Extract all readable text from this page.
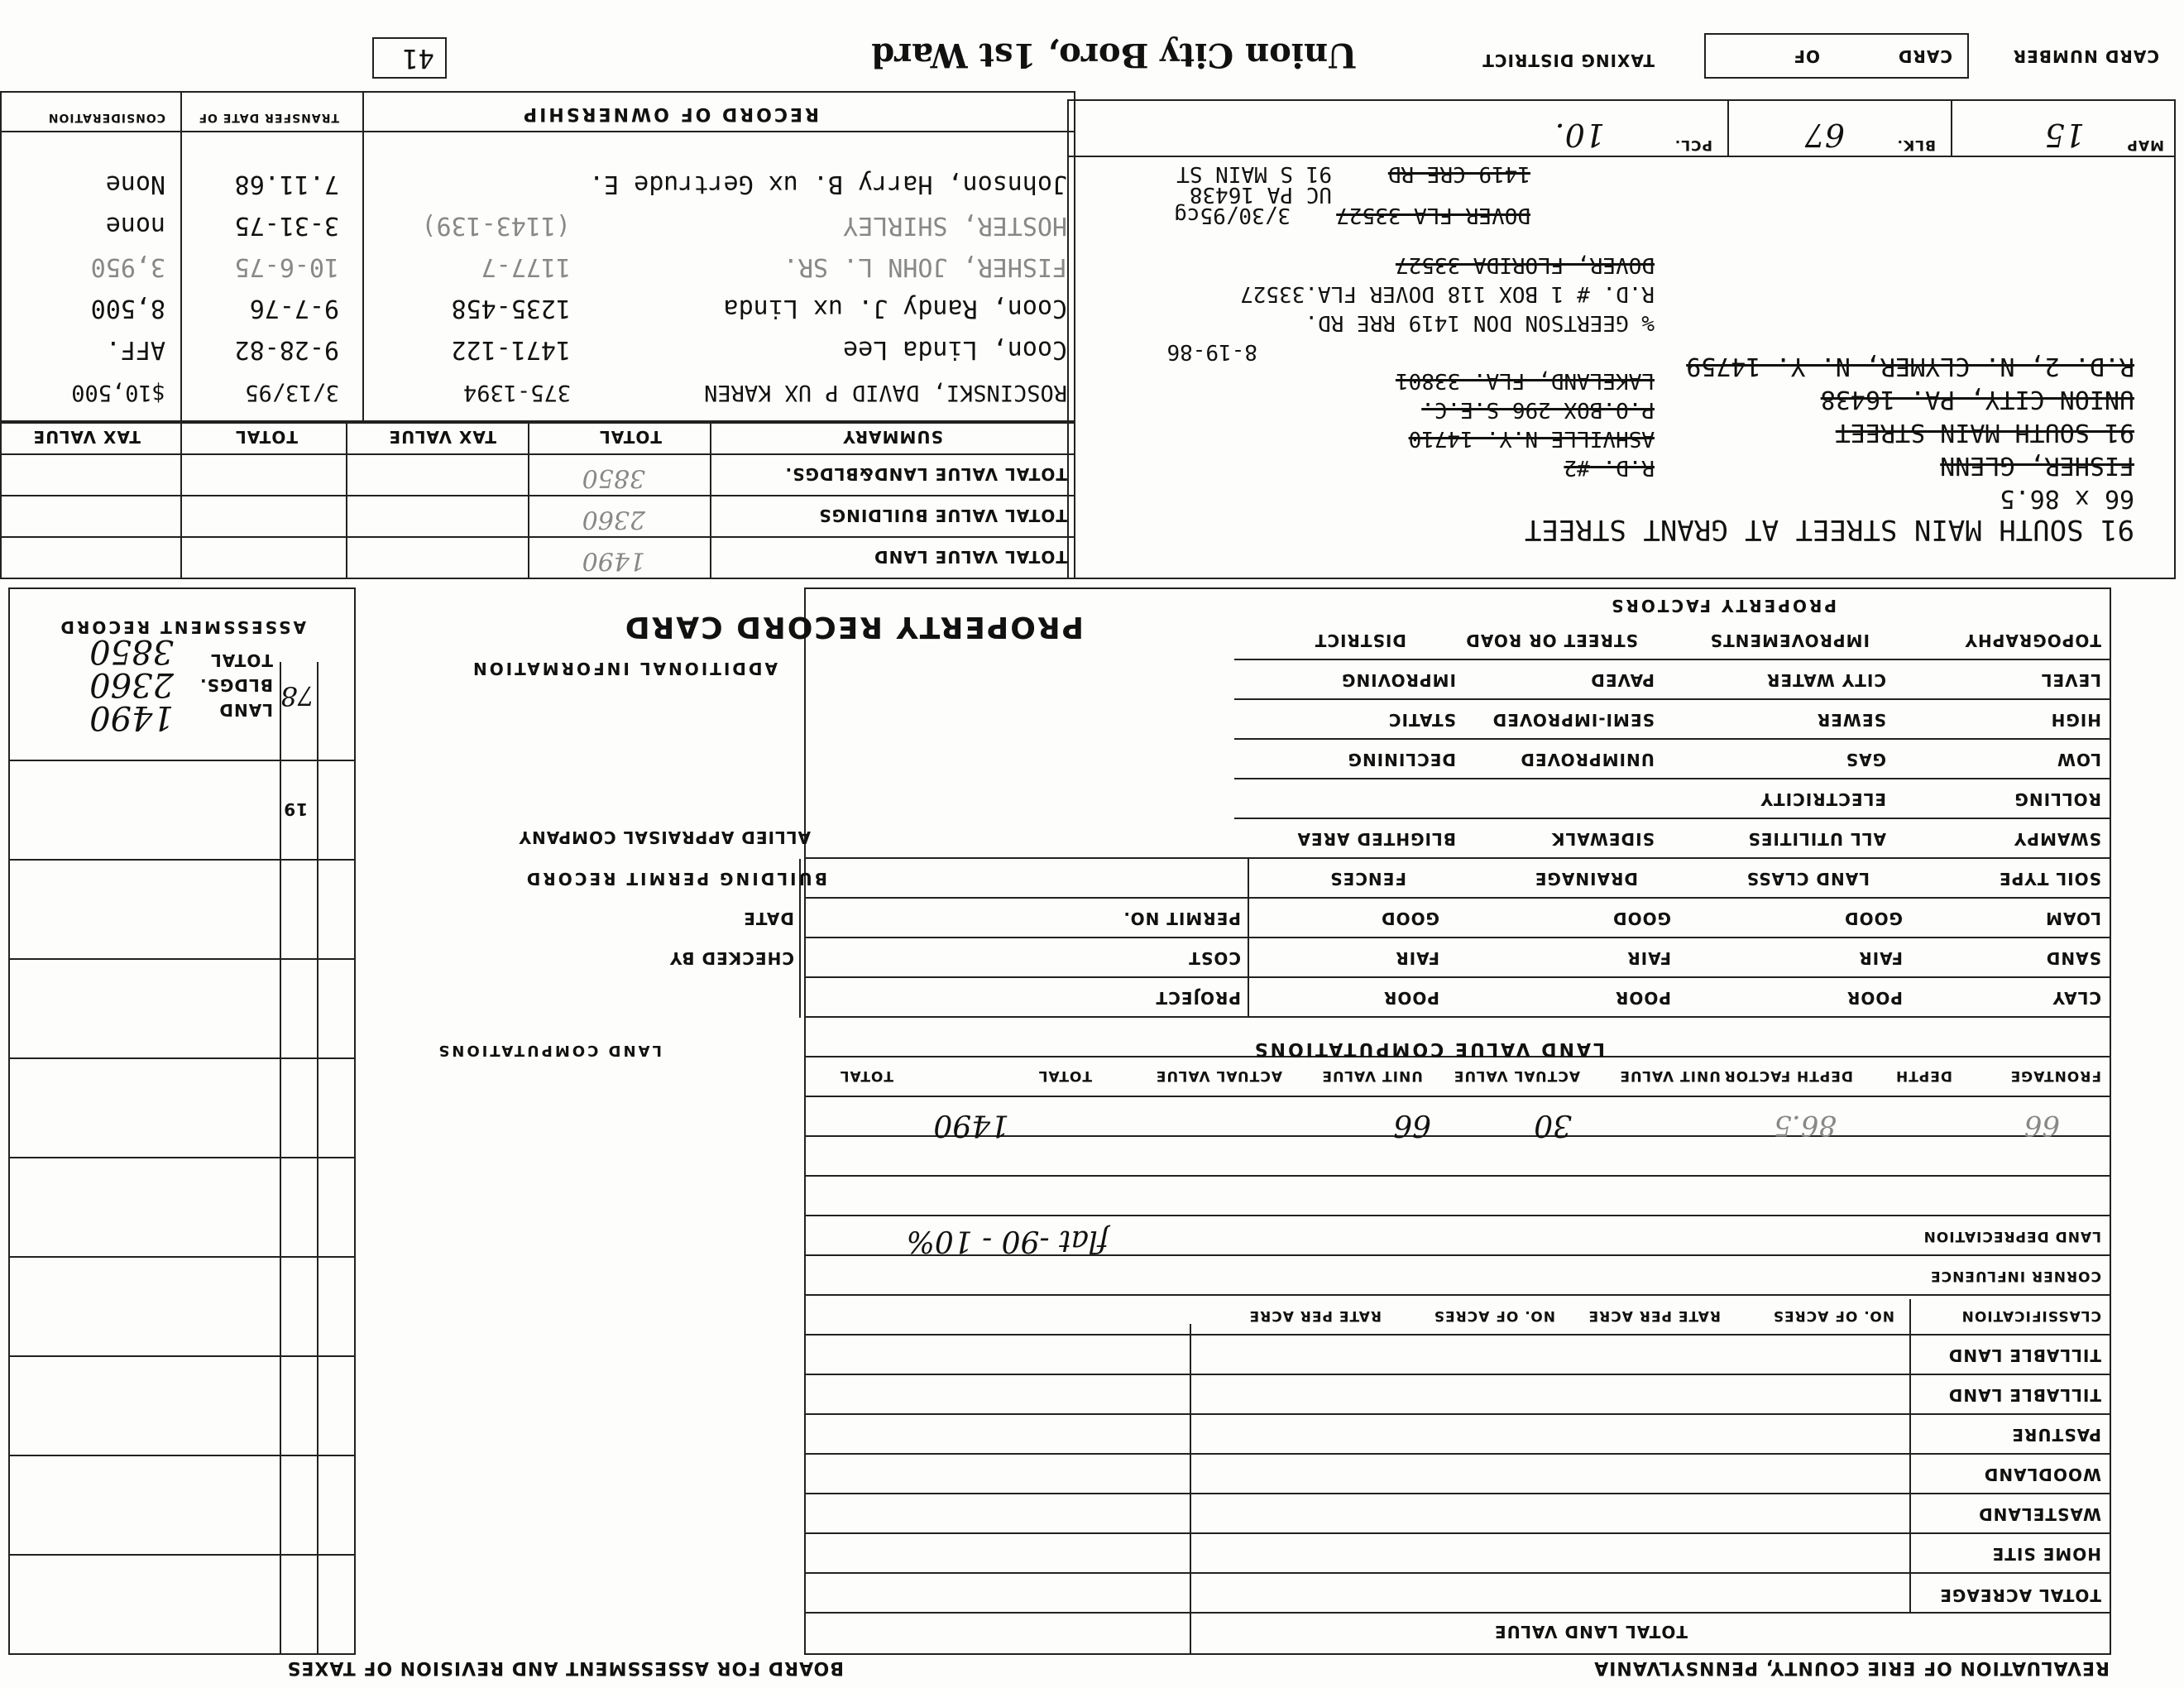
REVALUATION OF ERIE COUNTY, PENNSYLVANIA
BOARD FOR ASSESSMENT AND REVISION OF TAXES
TOTAL ACREAGE
HOME SITE
WASTELAND
WOODLAND
PASTURE
TILLABLE LAND
TILLABLE LAND
TOTAL LAND VALUE
CLASSIFICATION
NO. OF ACRES
RATE PER ACRE
NO. OF ACRES
RATE PER ACRE
CORNER INFLUENCE
LAND DEPRECIATION
flat -90 - 10%
LAND VALUE COMPUTATIONS
LAND COMPUTATIONS
FRONTAGE
DEPTH
DEPTH FACTOR
UNIT VALUE
ACTUAL VALUE
UNIT VALUE
ACTUAL VALUE
TOTAL
TOTAL
66
86.5
30
66
1490
CLAY
POOR
POOR
POOR
PROJECT
SAND
FAIR
FAIR
FAIR
COST
CHECKED BY
LOAM
GOOD
GOOD
GOOD
PERMIT NO.
DATE
SOIL TYPE
LAND CLASS
DRAINAGE
FENCES
BUILDING PERMIT RECORD
ALLIED APPRAISAL COMPANY	SWAMPY
ALL UTILITIES
SIDEWALK
BLIGHTED AREA
ROLLING
ELECTRICITY
LOW
GAS
UNIMPROVED
DECLINING
HIGH
SEWER
SEMI-IMPROVED
STATIC
LEVEL
CITY WATER
PAVED
IMPROVING
TOPOGRAPHY
IMPROVEMENTS
STREET OR ROAD
DISTRICT
PROPERTY FACTORS
PROPERTY RECORD CARD
ADDITIONAL INFORMATION
ASSESSMENT RECORD
LAND
BLDGS.
TOTAL
78
1490
2360
3850
19
91 SOUTH MAIN STREET AT GRANT STREET
66 x 86.5
FISHER, GLENN
91 SOUTH MAIN STREET
UNION CITY, PA. 16438
R.D. 2, N. CLYMER, N. Y. 14759
R.D. #2
ASHVILLE N.Y. 14710
P.O.BOX 296 S.E.C.
LAKELAND, FLA. 33801
8-19-86
% GEERTSON DON 1419 RRE RD.
R.D. # 1 BOX 118 DOVER FLA.33527
DOVER, FLORIDA 33527
1419 CRE RD
91 S MAIN ST
UC PA 16438
DOVER FLA 33527
3/30/95cg
MAP
15
BLK.
67
PCL.
10.
TOTAL VALUE LAND
TOTAL VALUE BUILDINGS
TOTAL VALUE LAND&BLDGS.
1490
2360
3850
SUMMARY
TOTAL
TAX VALUE
TOTAL
TAX VALUE
ROSCINSKI, DAVID P UX KAREN
375-1394
3/13/95
$10,500
Coon, Linda Lee
1471-122
9-28-82
AFF.
Coon, Randy J. ux Linda
1235-458
9-7-76
8,500
FISHER, JOHN L. SR.
1177-7
10-6-75
3,950
HOSTER, SHIRLEY
(1143-139)
3-31-75
none
Johnson, Harry B. ux Gertrude E.
7.11.68
None
RECORD OF OWNERSHIP
TRANSFER DATE OF
CONSIDERATION
CARD NUMBER
CARD
OF
TAXING DISTRICT
Union City Boro, 1st Ward
41
